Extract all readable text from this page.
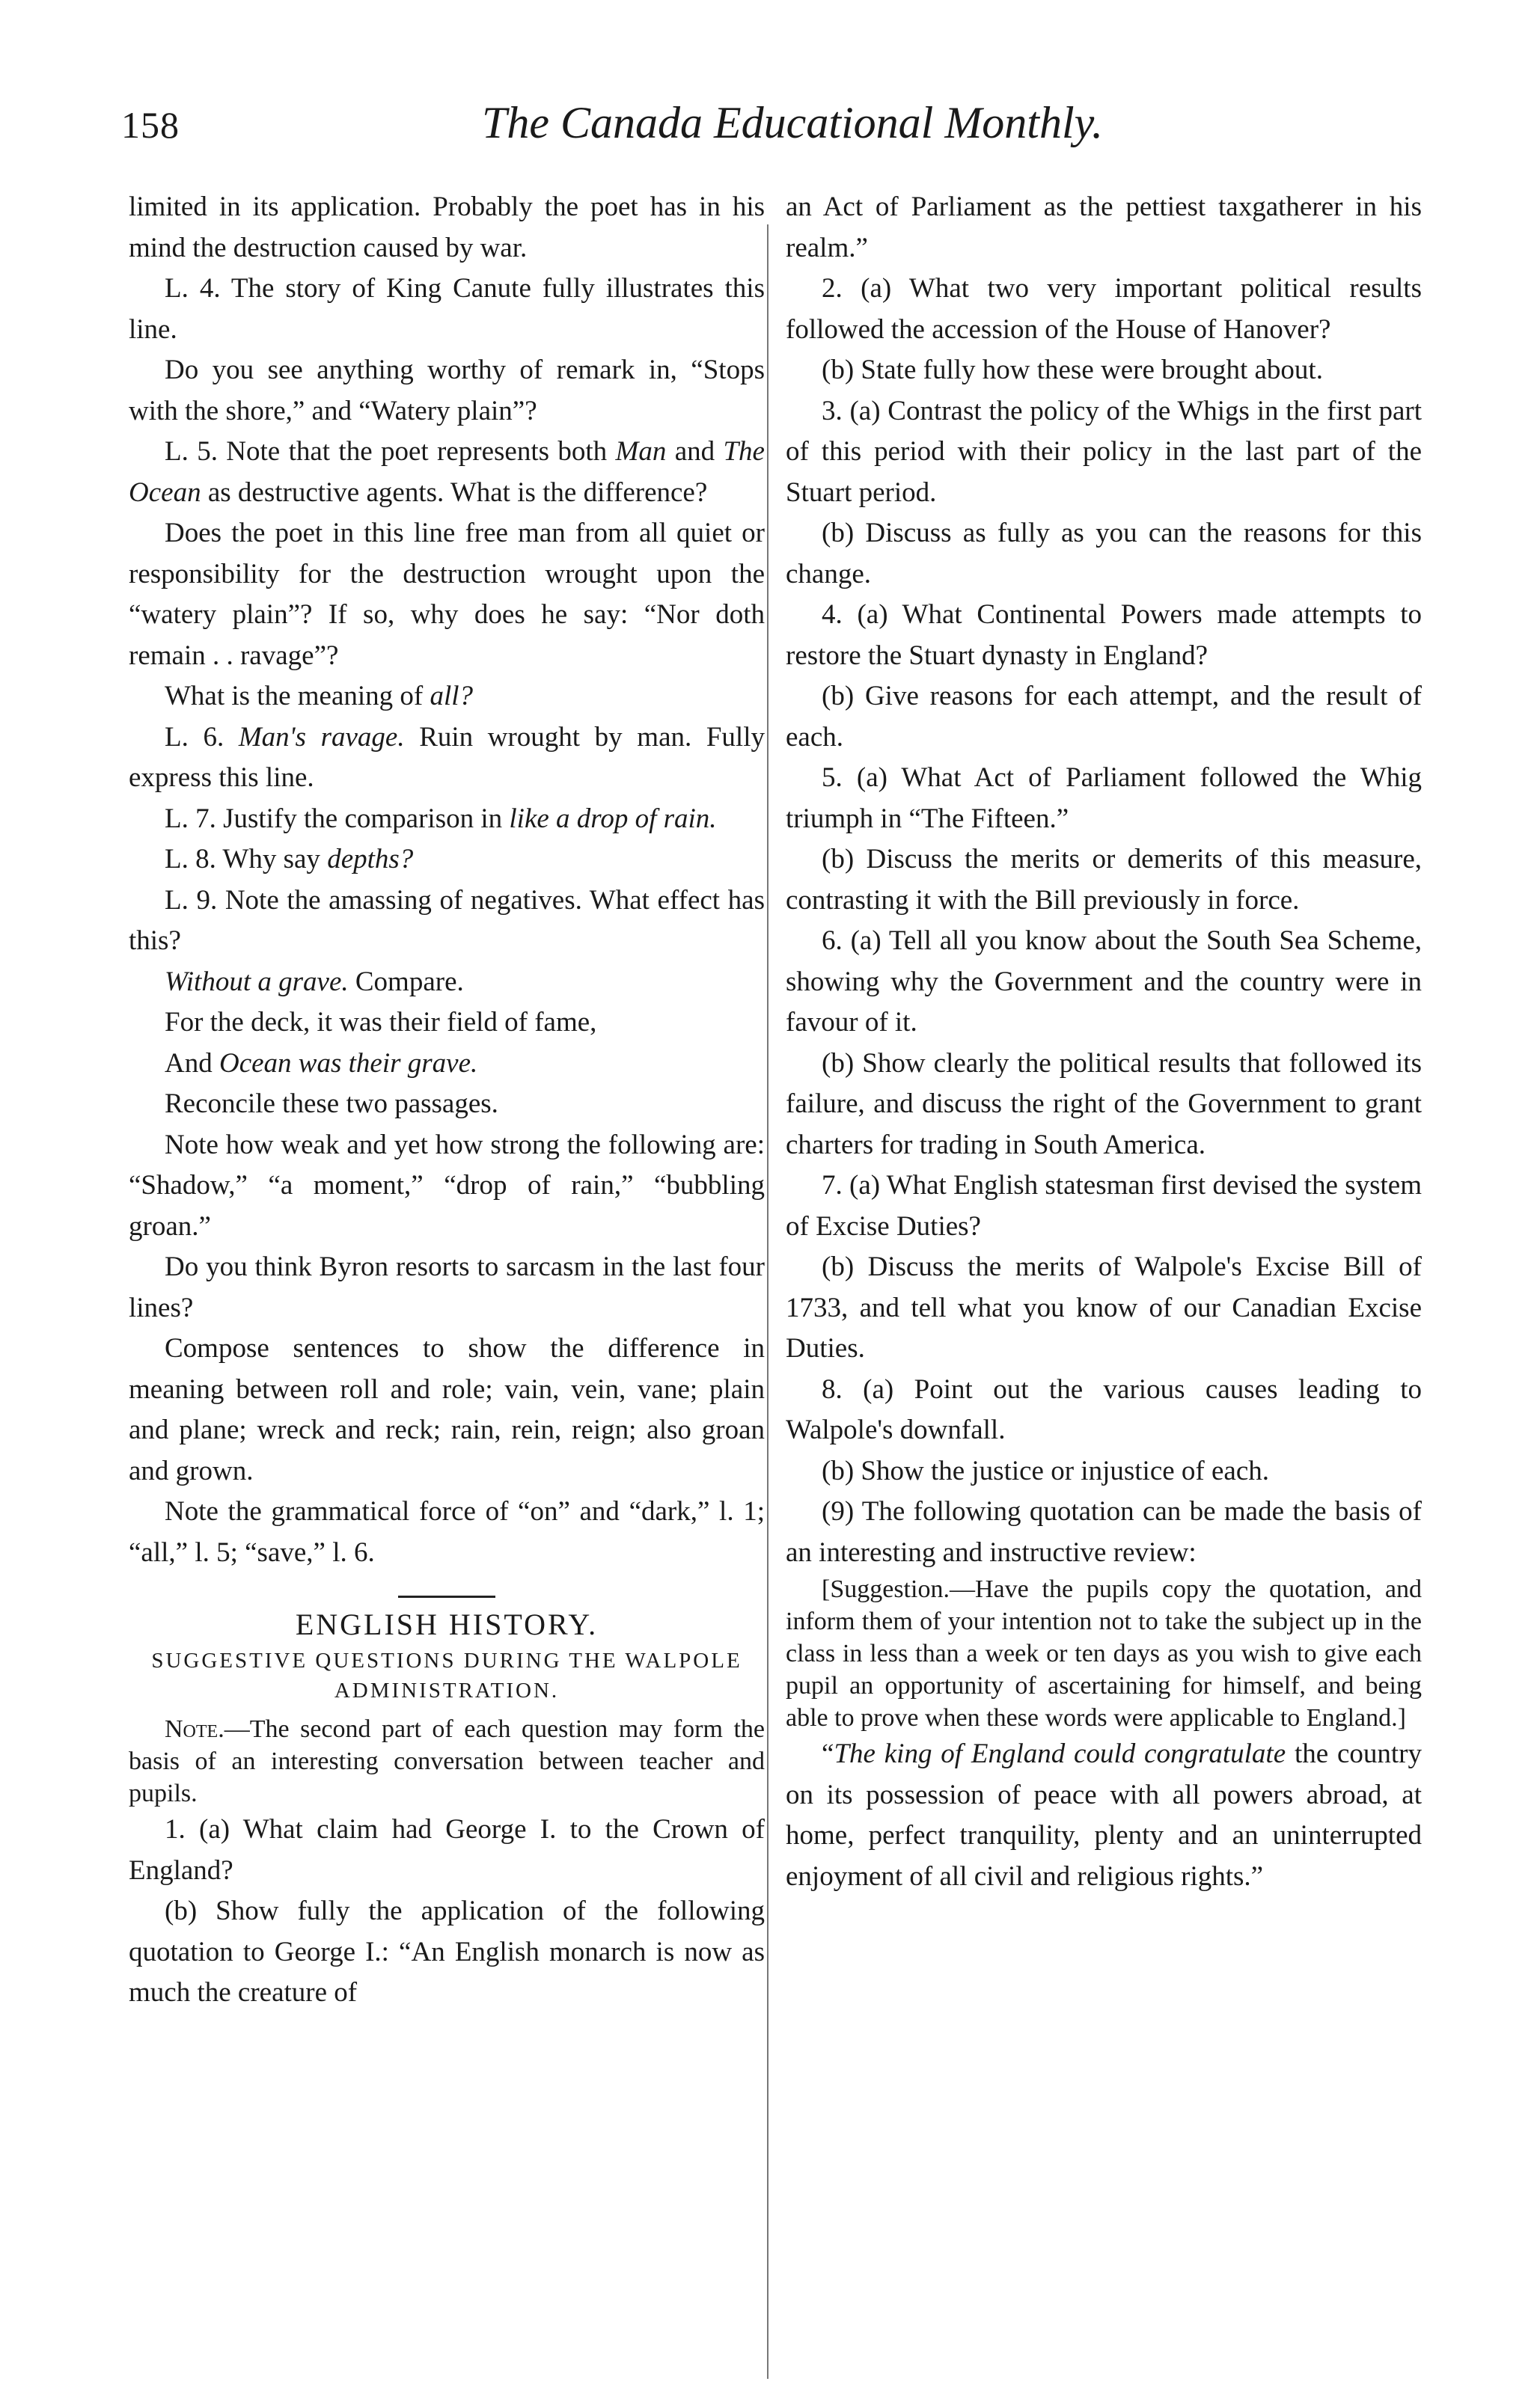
158	The Canada Educational Monthly.

limited in its application. Probably the poet has in his mind the destruction caused by war.

L. 4. The story of King Canute fully illustrates this line.

Do you see anything worthy of remark in, “Stops with the shore,” and “Watery plain”?

L. 5. Note that the poet represents both Man and The Ocean as destructive agents. What is the difference?

Does the poet in this line free man from all quiet or responsibility for the destruction wrought upon the “watery plain”? If so, why does he say: “Nor doth remain . . ravage”?

What is the meaning of all?

L. 6. Man's ravage. Ruin wrought by man. Fully express this line.

L. 7. Justify the comparison in like a drop of rain.

L. 8. Why say depths?

L. 9. Note the amassing of negatives. What effect has this?

Without a grave. Compare.

For the deck, it was their field of fame,

And Ocean was their grave.

Reconcile these two passages.

Note how weak and yet how strong the following are: “Shadow,” “a moment,” “drop of rain,” “bubbling groan.”

Do you think Byron resorts to sarcasm in the last four lines?

Compose sentences to show the difference in meaning between roll and role; vain, vein, vane; plain and plane; wreck and reck; rain, rein, reign; also groan and grown.

Note the grammatical force of “on” and “dark,” l. 1; “all,” l. 5; “save,” l. 6.

ENGLISH HISTORY.
SUGGESTIVE QUESTIONS DURING THE WALPOLE ADMINISTRATION.

Note.—The second part of each question may form the basis of an interesting conversation between teacher and pupils.

1. (a) What claim had George I. to the Crown of England?

(b) Show fully the application of the following quotation to George I.: “An English monarch is now as much the creature of

an Act of Parliament as the pettiest taxgatherer in his realm.”

2. (a) What two very important political results followed the accession of the House of Hanover?

(b) State fully how these were brought about.

3. (a) Contrast the policy of the Whigs in the first part of this period with their policy in the last part of the Stuart period.

(b) Discuss as fully as you can the reasons for this change.

4. (a) What Continental Powers made attempts to restore the Stuart dynasty in England?

(b) Give reasons for each attempt, and the result of each.

5. (a) What Act of Parliament followed the Whig triumph in “The Fifteen.”

(b) Discuss the merits or demerits of this measure, contrasting it with the Bill previously in force.

6. (a) Tell all you know about the South Sea Scheme, showing why the Government and the country were in favour of it.

(b) Show clearly the political results that followed its failure, and discuss the right of the Government to grant charters for trading in South America.

7. (a) What English statesman first devised the system of Excise Duties?

(b) Discuss the merits of Walpole's Excise Bill of 1733, and tell what you know of our Canadian Excise Duties.

8. (a) Point out the various causes leading to Walpole's downfall.

(b) Show the justice or injustice of each.

(9) The following quotation can be made the basis of an interesting and instructive review:

[Suggestion.—Have the pupils copy the quotation, and inform them of your intention not to take the subject up in the class in less than a week or ten days as you wish to give each pupil an opportunity of ascertaining for himself, and being able to prove when these words were applicable to England.]

“The king of England could congratulate the country on its possession of peace with all powers abroad, at home, perfect tranquility, plenty and an uninterrupted enjoyment of all civil and religious rights.”
